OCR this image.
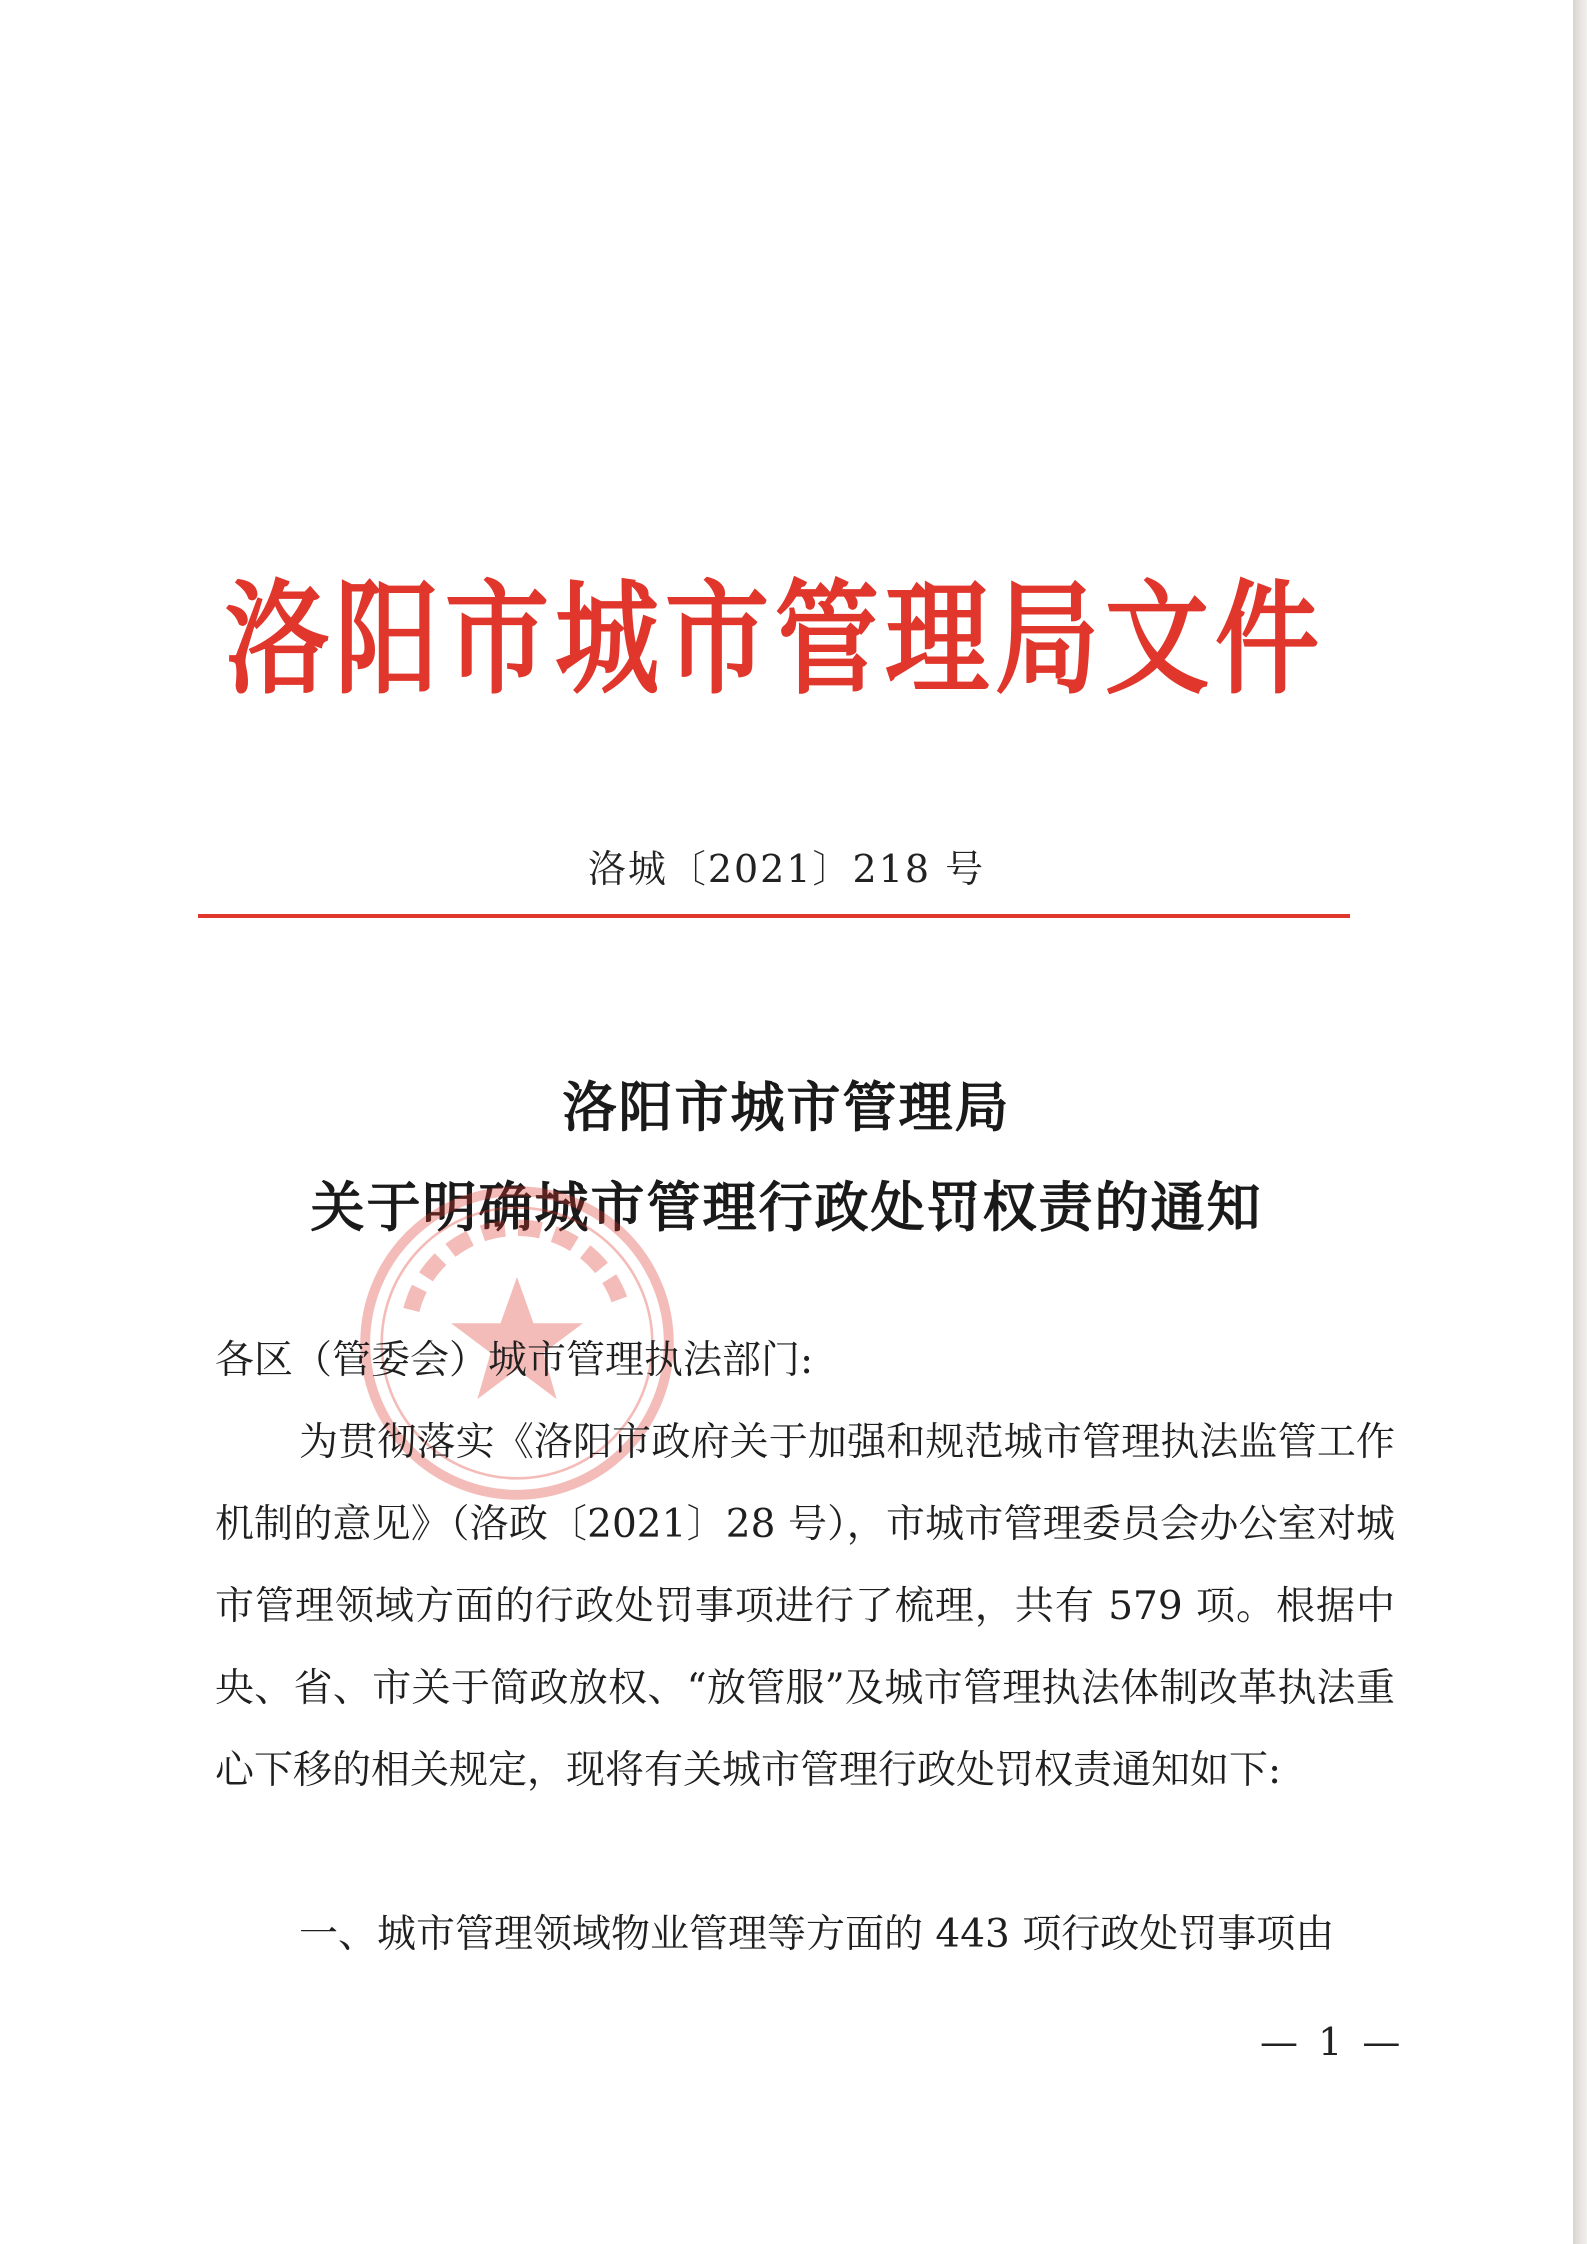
洛阳市城市管理局文件
洛城〔2021〕218 号
洛阳市城市管理局
关于明确城市管理行政处罚权责的通知
各区（管委会）城市管理执法部门:
为贯彻落实《洛阳市政府关于加强和规范城市管理执法监管工作机制的意见》（洛政〔2021〕28 号），市城市管理委员会办公室对城市管理领域方面的行政处罚事项进行了梳理，共有 579 项。根据中央、省、市关于简政放权、“放管服”及城市管理执法体制改革执法重心下移的相关规定，现将有关城市管理行政处罚权责通知如下:
一、城市管理领域物业管理等方面的 443 项行政处罚事项由
— 1 —
